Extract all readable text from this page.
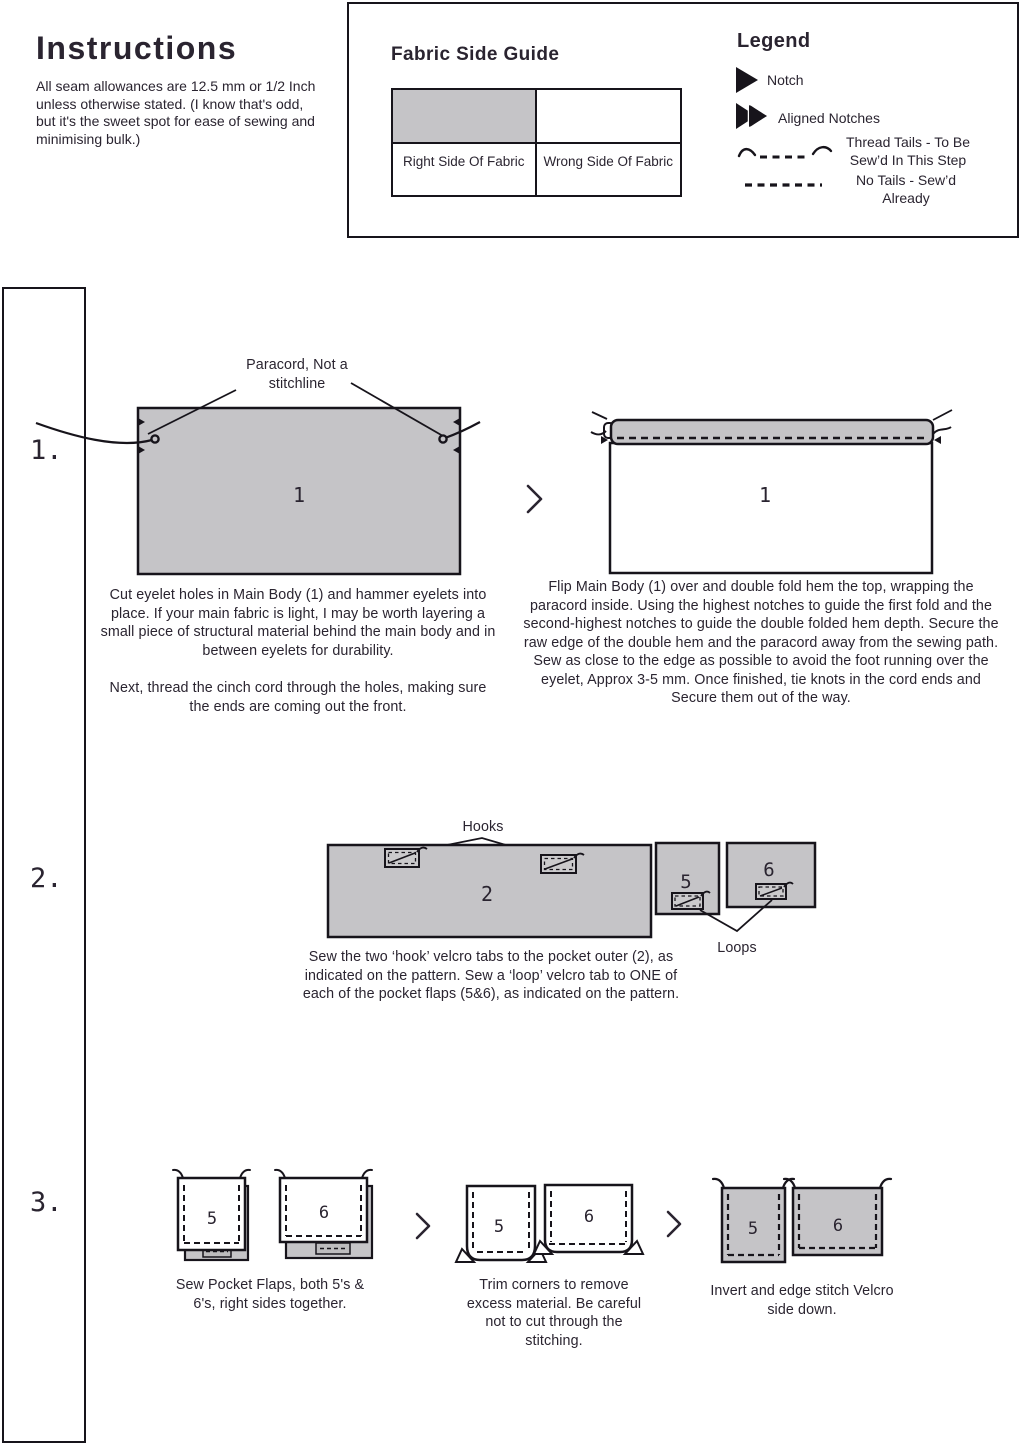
Instructions
All seam allowances are 12.5 mm or 1/2 Inch unless otherwise stated. (I know that's odd, but it's the sweet spot for ease of sewing and minimising bulk.)
Fabric Side Guide
Right Side Of Fabric	Wrong Side Of Fabric
Legend
Notch
Aligned Notches
Thread Tails - To Be Sew’d In This Step
No Tails - Sew’d Already
1.
2.
3.
Paracord, Not a stitchline
1	1
Cut eyelet holes in Main Body (1) and hammer eyelets into place. If your main fabric is light, I may be worth layering a small piece of structural material behind the main body and in between eyelets for durability.
Next, thread the cinch cord through the holes, making sure the ends are coming out the front.
Flip Main Body (1) over and double fold hem the top, wrapping the paracord inside. Using the highest notches to guide the first fold and the second-highest notches to guide the double folded hem depth. Secure the raw edge of the double hem and the paracord away from the sewing path. Sew as close to the edge as possible to avoid the foot running over the eyelet, Approx 3-5 mm. Once finished, tie knots in the cord ends and Secure them out of the way.
Hooks
2	5
6
Loops
Sew the two ‘hook’ velcro tabs to the pocket outer (2), as indicated on the pattern. Sew a ‘loop’ velcro tab to ONE of each of the pocket flaps (5&6), as indicated on the pattern.
5	6
5	6
5	6
Sew Pocket Flaps, both 5's & 6's, right sides together.
Trim corners to remove excess material. Be careful not to cut through the stitching.
Invert and edge stitch Velcro side down.
